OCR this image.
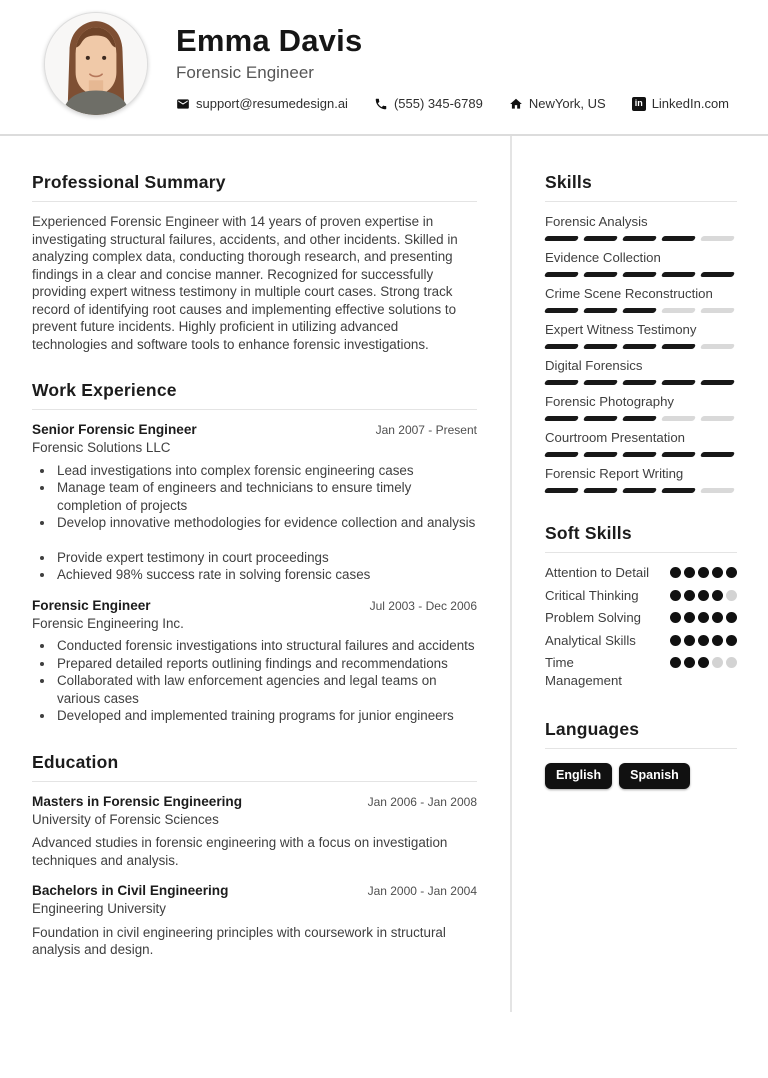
Emma Davis
Forensic Engineer
support@resumedesign.ai	(555) 345-6789	NewYork, US	in LinkedIn.com
Professional Summary

Experienced Forensic Engineer with 14 years of proven expertise in investigating structural failures, accidents, and other incidents. Skilled in analyzing complex data, conducting thorough research, and presenting findings in a clear and concise manner. Recognized for successfully providing expert witness testimony in multiple court cases. Strong track record of identifying root causes and implementing effective solutions to prevent future incidents. Highly proficient in utilizing advanced technologies and software tools to enhance forensic investigations.

Work Experience
Senior Forensic Engineer	Jan 2007 - Present
Forensic Solutions LLC
• Lead investigations into complex forensic engineering cases
• Manage team of engineers and technicians to ensure timely completion of projects
• Develop innovative methodologies for evidence collection and analysis
• Provide expert testimony in court proceedings
• Achieved 98% success rate in solving forensic cases
Forensic Engineer	Jul 2003 - Dec 2006
Forensic Engineering Inc.
• Conducted forensic investigations into structural failures and accidents
• Prepared detailed reports outlining findings and recommendations
• Collaborated with law enforcement agencies and legal teams on various cases
• Developed and implemented training programs for junior engineers
Education
Masters in Forensic Engineering	Jan 2006 - Jan 2008
University of Forensic Sciences

Advanced studies in forensic engineering with a focus on investigation techniques and analysis.

Bachelors in Civil Engineering	Jan 2000 - Jan 2004
Engineering University

Foundation in civil engineering principles with coursework in structural analysis and design.

Skills
Forensic Analysis
Evidence Collection
Crime Scene Reconstruction
Expert Witness Testimony
Digital Forensics
Forensic Photography
Courtroom Presentation
Forensic Report Writing
Soft Skills
Attention to Detail
Critical Thinking
Problem Solving
Analytical Skills
Time Management
Languages
English	Spanish
